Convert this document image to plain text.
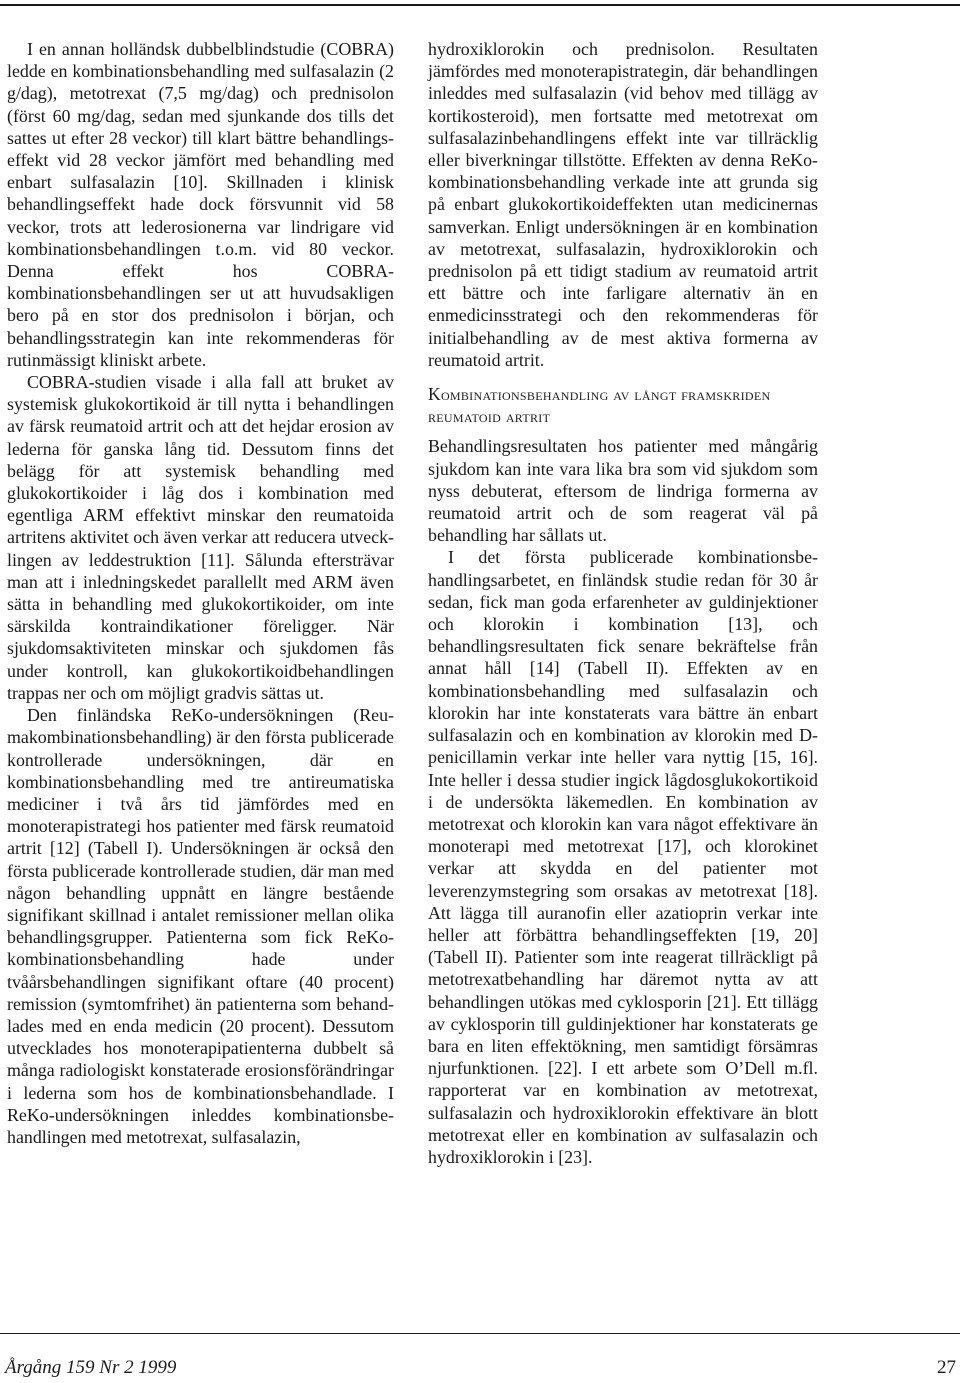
I en annan holländsk dubbelblindstudie (COBRA) ledde en kombinationsbehandling med sulfasalazin (2 g/dag), metotrexat (7,5 mg/dag) och prednisolon (först 60 mg/dag, sedan med sjunkande dos tills det sattes ut efter 28 veckor) till klart bättre behandlingseffekt vid 28 veckor jämfört med behandling med enbart sulfasalazin [10]. Skillnaden i klinisk behandlingseffekt hade dock försvunnit vid 58 veckor, trots att lederosionerna var lindrigare vid kombinationsbehandlingen t.o.m. vid 80 veckor. Denna effekt hos COBRA-kombinationsbehandlingen ser ut att huvudsakligen bero på en stor dos prednisolon i början, och behandlingsstrategin kan inte rekommenderas för rutinmässigt kliniskt arbete.

COBRA-studien visade i alla fall att bruket av systemisk glukokortikoid är till nytta i behandlingen av färsk reumatoid artrit och att det hejdar erosion av lederna för ganska lång tid. Dessutom finns det belägg för att systemisk behandling med glukokortikoider i låg dos i kombination med egentliga ARM effektivt minskar den reumatoida artritens aktivitet och även verkar att reducera utvecklingen av leddestruktion [11]. Sålunda eftersträvar man att i inledningskedet parallellt med ARM även sätta in behandling med glukokortikoider, om inte särskilda kontraindikationer föreligger. När sjukdomsaktiviteten minskar och sjukdomen fås under kontroll, kan glukokortikoidbehandlingen trappas ner och om möjligt gradvis sättas ut.

Den finländska ReKo-undersökningen (Reumakombinationsbehandling) är den första publicerade kontrollerade undersökningen, där en kombinationsbehandling med tre antireumatiska mediciner i två års tid jämfördes med en monoterapistrategi hos patienter med färsk reumatoid artrit [12] (Tabell I). Undersökningen är också den första publicerade kontrollerade studien, där man med någon behandling uppnått en längre bestående signifikant skillnad i antalet remissioner mellan olika behandlingsgrupper. Patienterna som fick ReKo-kombinationsbehandling hade under tvåårsbehandlingen signifikant oftare (40 procent) remission (symtomfrihet) än patienterna som behandlades med en enda medicin (20 procent). Dessutom utvecklades hos monoterapipatienterna dubbelt så många radiologiskt konstaterade erosionsförändringar i lederna som hos de kombinationsbehandlade. I ReKo-undersökningen inleddes kombinationsbehandlingen med metotrexat, sulfasalazin,

hydroxiklorokin och prednisolon. Resultaten jämfördes med monoterapistrategin, där behandlingen inleddes med sulfasalazin (vid behov med tillägg av kortikosteroid), men fortsatte med metotrexat om sulfasalazinbehandlingens effekt inte var tillräcklig eller biverkningar tillstötte. Effekten av denna ReKo-kombinationsbehandling verkade inte att grunda sig på enbart glukokortikoideffekten utan medicinernas samverkan. Enligt undersökningen är en kombination av metotrexat, sulfasalazin, hydroxiklorokin och prednisolon på ett tidigt stadium av reumatoid artrit ett bättre och inte farligare alternativ än en enmedicinsstrategi och den rekommenderas för initialbehandling av de mest aktiva formerna av reumatoid artrit.

Kombinationsbehandling av långt framskriden reumatoid artrit

Behandlingsresultaten hos patienter med mångårig sjukdom kan inte vara lika bra som vid sjukdom som nyss debuterat, eftersom de lindriga formerna av reumatoid artrit och de som reagerat väl på behandling har sållats ut.

I det första publicerade kombinationsbehandlingsarbetet, en finländsk studie redan för 30 år sedan, fick man goda erfarenheter av guldinjektioner och klorokin i kombination [13], och behandlingsresultaten fick senare bekräftelse från annat håll [14] (Tabell II). Effekten av en kombinationsbehandling med sulfasalazin och klorokin har inte konstaterats vara bättre än enbart sulfasalazin och en kombination av klorokin med D-penicillamin verkar inte heller vara nyttig [15, 16]. Inte heller i dessa studier ingick lågdosglukokortikoid i de undersökta läkemedlen. En kombination av metotrexat och klorokin kan vara något effektivare än monoterapi med metotrexat [17], och klorokinet verkar att skydda en del patienter mot leverenzymstegring som orsakas av metotrexat [18]. Att lägga till auranofin eller azatioprin verkar inte heller att förbättra behandlingseffekten [19, 20] (Tabell II). Patienter som inte reagerat tillräckligt på metotrexatbehandling har däremot nytta av att behandlingen utökas med cyklosporin [21]. Ett tillägg av cyklosporin till guldinjektioner har konstaterats ge bara en liten effektökning, men samtidigt försämras njurfunktionen. [22]. I ett arbete som O’Dell m.fl. rapporterat var en kombination av metotrexat, sulfasalazin och hydroxiklorokin effektivare än blott metotrexat eller en kombination av sulfasalazin och hydroxiklorokin i [23].

Årgång 159 Nr 2 1999	27
